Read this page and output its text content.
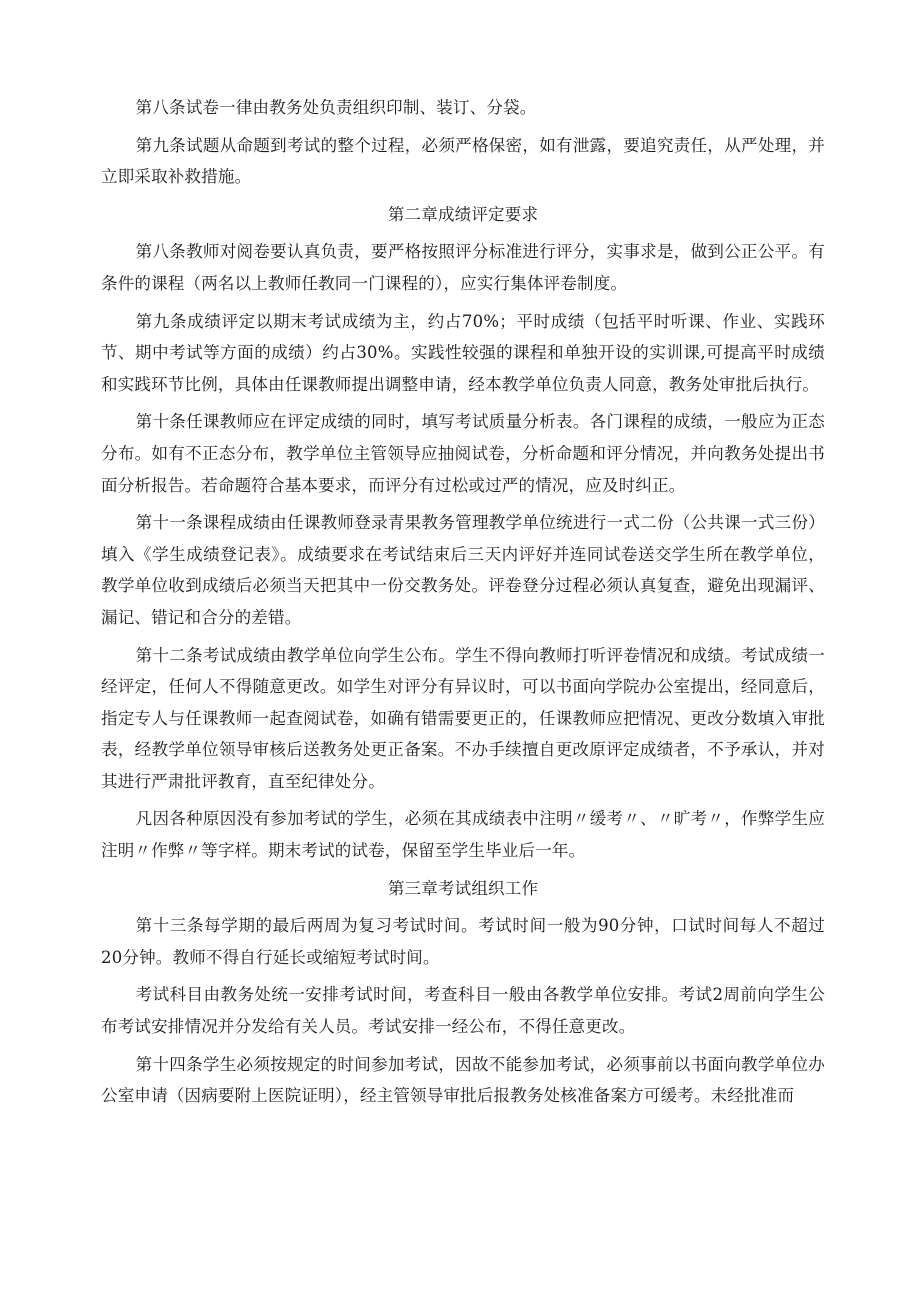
第八条试卷一律由教务处负责组织印制、装订、分袋。

第九条试题从命题到考试的整个过程，必须严格保密，如有泄露，要追究责任，从严处理，并立即采取补救措施。

第二章成绩评定要求

第八条教师对阅卷要认真负责，要严格按照评分标准进行评分，实事求是，做到公正公平。有条件的课程（两名以上教师任教同一门课程的），应实行集体评卷制度。

第九条成绩评定以期末考试成绩为主，约占70%；平时成绩（包括平时听课、作业、实践环节、期中考试等方面的成绩）约占30%。实践性较强的课程和单独开设的实训课,可提高平时成绩和实践环节比例，具体由任课教师提出调整申请，经本教学单位负责人同意，教务处审批后执行。

第十条任课教师应在评定成绩的同时，填写考试质量分析表。各门课程的成绩，一般应为正态分布。如有不正态分布，教学单位主管领导应抽阅试卷，分析命题和评分情况，并向教务处提出书面分析报告。若命题符合基本要求，而评分有过松或过严的情况，应及时纠正。

第十一条课程成绩由任课教师登录青果教务管理教学单位统进行一式二份（公共课一式三份）填入《学生成绩登记表》。成绩要求在考试结束后三天内评好并连同试卷送交学生所在教学单位，教学单位收到成绩后必须当天把其中一份交教务处。评卷登分过程必须认真复查，避免出现漏评、漏记、错记和合分的差错。

第十二条考试成绩由教学单位向学生公布。学生不得向教师打听评卷情况和成绩。考试成绩一经评定，任何人不得随意更改。如学生对评分有异议时，可以书面向学院办公室提出，经同意后，指定专人与任课教师一起查阅试卷，如确有错需要更正的，任课教师应把情况、更改分数填入审批表，经教学单位领导审核后送教务处更正备案。不办手续擅自更改原评定成绩者，不予承认，并对其进行严肃批评教育，直至纪律处分。

凡因各种原因没有参加考试的学生，必须在其成绩表中注明〃缓考〃、〃旷考〃，作弊学生应注明〃作弊〃等字样。期末考试的试卷，保留至学生毕业后一年。

第三章考试组织工作

第十三条每学期的最后两周为复习考试时间。考试时间一般为90分钟，口试时间每人不超过20分钟。教师不得自行延长或缩短考试时间。

考试科目由教务处统一安排考试时间，考查科目一般由各教学单位安排。考试2周前向学生公布考试安排情况并分发给有关人员。考试安排一经公布，不得任意更改。

第十四条学生必须按规定的时间参加考试，因故不能参加考试，必须事前以书面向教学单位办公室申请（因病要附上医院证明），经主管领导审批后报教务处核准备案方可缓考。未经批准而
